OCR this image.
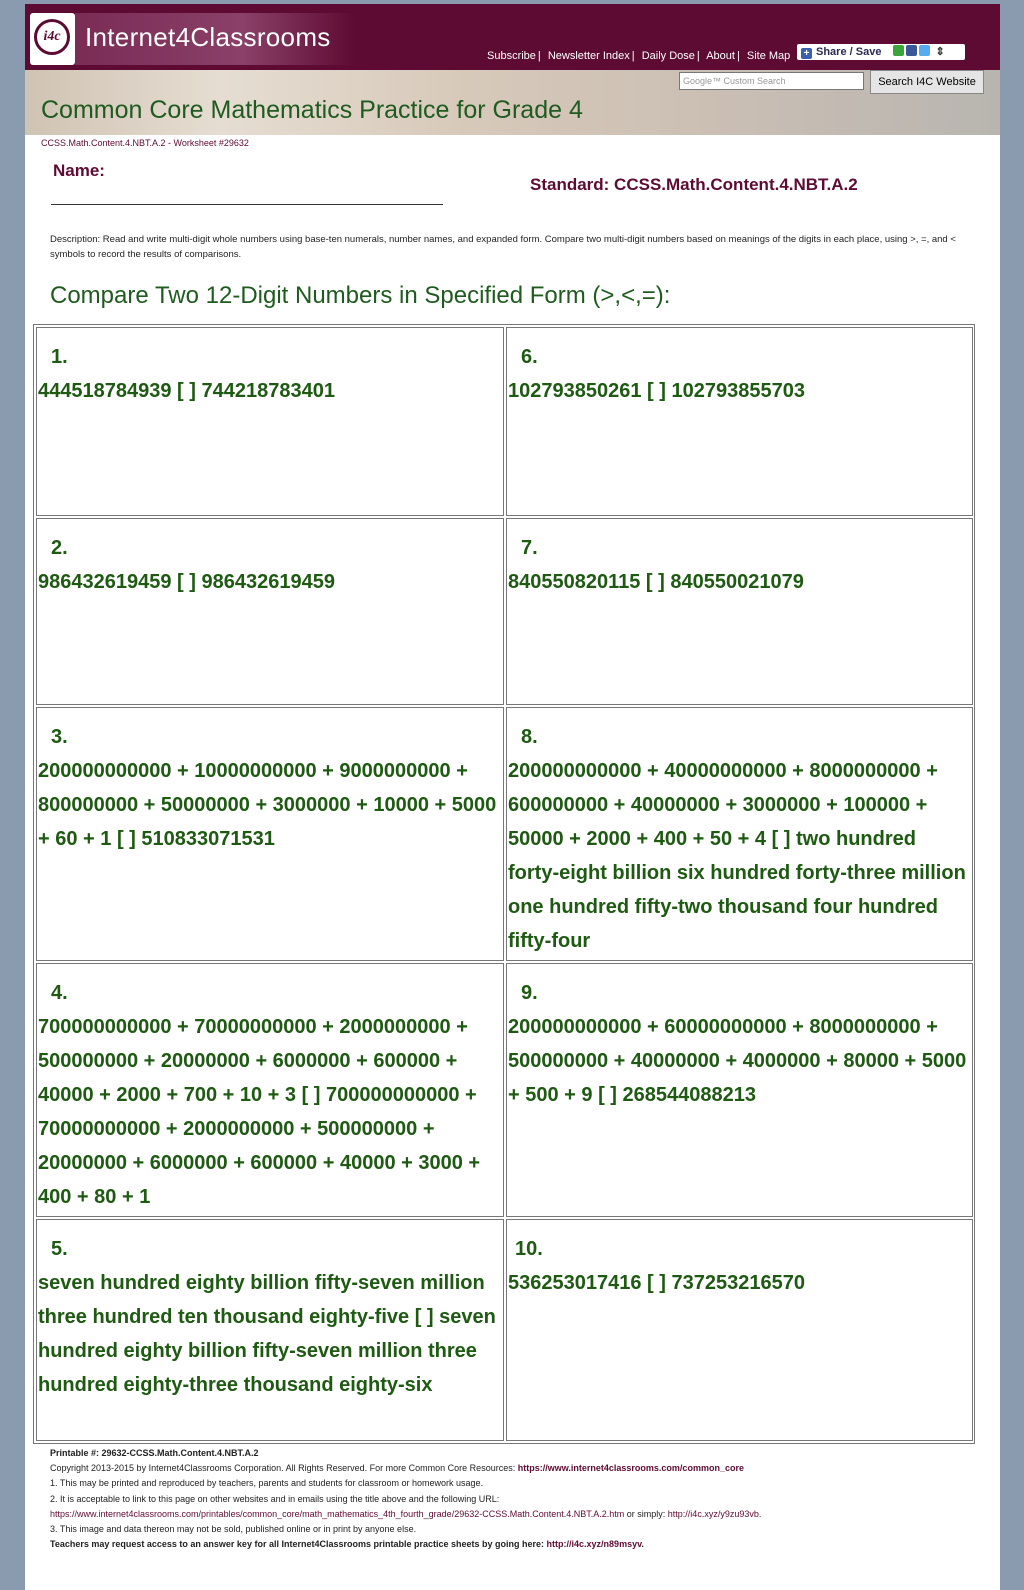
i4c Internet4Classrooms
Subscribe | Newsletter Index | Daily Dose | About | Site Map	+ Share / Save	⇕
Google™ Custom Search	Search I4C Website
Common Core Mathematics Practice for Grade 4
CCSS.Math.Content.4.NBT.A.2 - Worksheet #29632
Name:
Standard: CCSS.Math.Content.4.NBT.A.2
Description: Read and write multi-digit whole numbers using base-ten numerals, number names, and expanded form. Compare two multi-digit numbers based on meanings of the digits in each place, using >, =, and < symbols to record the results of comparisons.
Compare Two 12-Digit Numbers in Specified Form (>,<,=):
1.
444518784939 [ ] 744218783401
2.
986432619459 [ ] 986432619459
3.
200000000000 + 10000000000 + 9000000000 + 800000000 + 50000000 + 3000000 + 10000 + 5000 + 60 + 1 [ ] 510833071531
4.
700000000000 + 70000000000 + 2000000000 + 500000000 + 20000000 + 6000000 + 600000 + 40000 + 2000 + 700 + 10 + 3 [ ] 700000000000 + 70000000000 + 2000000000 + 500000000 + 20000000 + 6000000 + 600000 + 40000 + 3000 + 400 + 80 + 1
5.
seven hundred eighty billion fifty-seven million three hundred ten thousand eighty-five [ ] seven hundred eighty billion fifty-seven million three hundred eighty-three thousand eighty-six
6.
102793850261 [ ] 102793855703
7.
840550820115 [ ] 840550021079
8.
200000000000 + 40000000000 + 8000000000 + 600000000 + 40000000 + 3000000 + 100000 + 50000 + 2000 + 400 + 50 + 4 [ ] two hundred forty-eight billion six hundred forty-three million one hundred fifty-two thousand four hundred fifty-four
9.
200000000000 + 60000000000 + 8000000000 + 500000000 + 40000000 + 4000000 + 80000 + 5000 + 500 + 9 [ ] 268544088213
10.
536253017416 [ ] 737253216570
Printable #: 29632-CCSS.Math.Content.4.NBT.A.2
Copyright 2013-2015 by Internet4Classrooms Corporation. All Rights Reserved. For more Common Core Resources: https://www.internet4classrooms.com/common_core
1. This may be printed and reproduced by teachers, parents and students for classroom or homework usage.
2. It is acceptable to link to this page on other websites and in emails using the title above and the following URL:
https://www.internet4classrooms.com/printables/common_core/math_mathematics_4th_fourth_grade/29632-CCSS.Math.Content.4.NBT.A.2.htm or simply: http://i4c.xyz/y9zu93vb.
3. This image and data thereon may not be sold, published online or in print by anyone else.
Teachers may request access to an answer key for all Internet4Classrooms printable practice sheets by going here: http://i4c.xyz/n89msyv.
